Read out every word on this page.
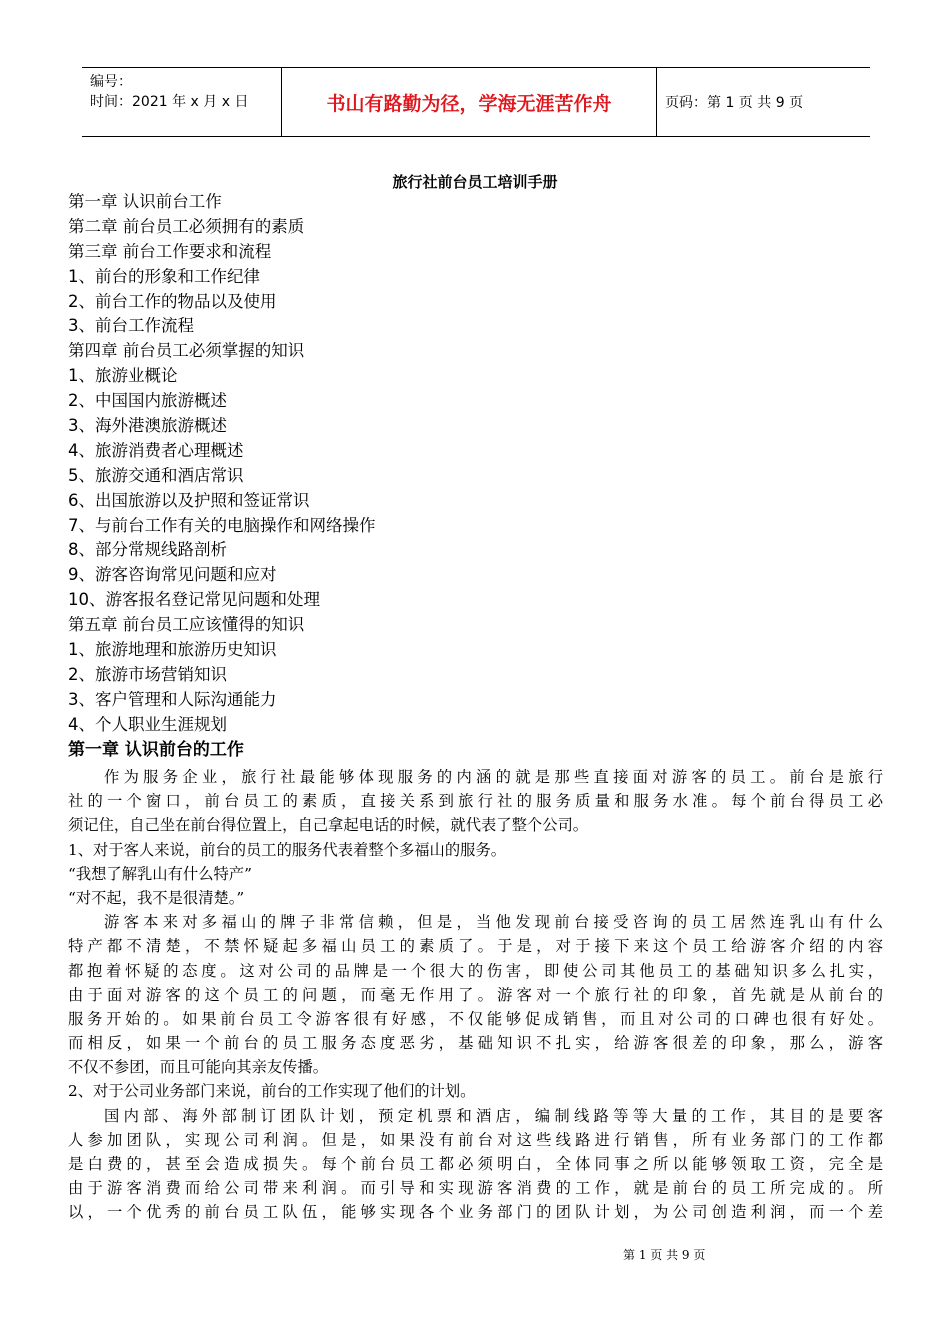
编号：
时间：2021 年 x 月 x 日	书山有路勤为径，学海无涯苦作舟	页码：第 1 页 共 9 页
旅行社前台员工培训手册
第一章 认识前台工作
第二章 前台员工必须拥有的素质
第三章 前台工作要求和流程
1、前台的形象和工作纪律
2、前台工作的物品以及使用
3、前台工作流程
第四章 前台员工必须掌握的知识
1、旅游业概论
2、中国国内旅游概述
3、海外港澳旅游概述
4、旅游消费者心理概述
5、旅游交通和酒店常识
6、出国旅游以及护照和签证常识
7、与前台工作有关的电脑操作和网络操作
8、部分常规线路剖析
9、游客咨询常见问题和应对
10、游客报名登记常见问题和处理
第五章 前台员工应该懂得的知识
1、旅游地理和旅游历史知识
2、旅游市场营销知识
3、客户管理和人际沟通能力
4、个人职业生涯规划
第一章 认识前台的工作
作为服务企业，旅行社最能够体现服务的内涵的就是那些直接面对游客的员工。前台是旅行
社的一个窗口，前台员工的素质，直接关系到旅行社的服务质量和服务水准。每个前台得员工必
须记住，自己坐在前台得位置上，自己拿起电话的时候，就代表了整个公司。
1、对于客人来说，前台的员工的服务代表着整个多福山的服务。
“我想了解乳山有什么特产”
“对不起，我不是很清楚。”
游客本来对多福山的牌子非常信赖，但是，当他发现前台接受咨询的员工居然连乳山有什么
特产都不清楚，不禁怀疑起多福山员工的素质了。于是，对于接下来这个员工给游客介绍的内容
都抱着怀疑的态度。这对公司的品牌是一个很大的伤害，即使公司其他员工的基础知识多么扎实，
由于面对游客的这个员工的问题，而毫无作用了。游客对一个旅行社的印象，首先就是从前台的
服务开始的。如果前台员工令游客很有好感，不仅能够促成销售，而且对公司的口碑也很有好处。
而相反，如果一个前台的员工服务态度恶劣，基础知识不扎实，给游客很差的印象，那么，游客
不仅不参团，而且可能向其亲友传播。
2、对于公司业务部门来说，前台的工作实现了他们的计划。
国内部、海外部制订团队计划，预定机票和酒店，编制线路等等大量的工作，其目的是要客
人参加团队，实现公司利润。但是，如果没有前台对这些线路进行销售，所有业务部门的工作都
是白费的，甚至会造成损失。每个前台员工都必须明白，全体同事之所以能够领取工资，完全是
由于游客消费而给公司带来利润。而引导和实现游客消费的工作，就是前台的员工所完成的。所
以，一个优秀的前台员工队伍，能够实现各个业务部门的团队计划，为公司创造利润，而一个差
第 1 页 共 9 页
